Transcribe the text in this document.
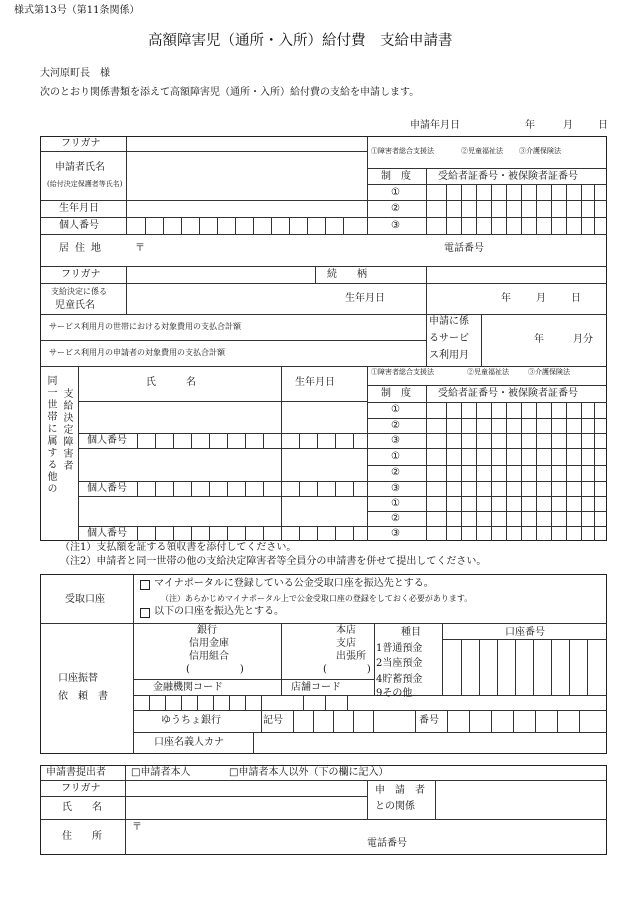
様式第13号（第11条関係）
高額障害児（通所・入所）給付費　支給申請書
大河原町長　様
次のとおり関係書類を添えて高額障害児（通所・入所）給付費の支給を申請します。
申請年月日	年	月	日
フリガナ
申請者氏名
(給付決定保護者等氏名)
生年月日
個人番号
居住地	〒	電話番号
①障害者総合支援法	②児童福祉法 ③介護保険法
制　度	受給者証番号・被保険者証番号
①
②
③
フリガナ	続　　柄
支給決定に係る
児童氏名
生年月日	年	月	日
サービス利用月の世帯における対象費用の支払合計額
サービス利用月の申請者の対象費用の支払合計額
申請に係
るサービ
ス利用月
年	月分
同一世帯に属する他の 支給決定障害者
氏　　　名	生年月日
①障害者総合支援法	②児童福祉法	③介護保険法
制　度	受給者証番号・被保険者証番号
①
②
③
①
②
③
①
②
③
個人番号
個人番号
個人番号
（注1）支払額を証する領収書を添付してください。
（注2）申請者と同一世帯の他の支給決定障害者等全員分の申請書を併せて提出してください。
受取口座
マイナポータルに登録している公金受取口座を振込先とする。
（注）あらかじめマイナポータル上で公金受取口座の登録をしておく必要があります。
以下の口座を振込先とする。
口座振替
依　頼　書
銀行
信用金庫
信用組合
(　　　　　)
本店
支店
出張所
(　　　　)
種目	口座番号
1普通預金
2当座預金
4貯蓄預金
9その他
金融機関コード	店舗コード
ゆうちょ銀行	記号	番号
口座名義人カナ
申請書提出者	□申請者本人	□申請者本人以外（下の欄に記入）
フリガナ
氏　　名
申　請　者
との関係
住　　所
〒
電話番号
